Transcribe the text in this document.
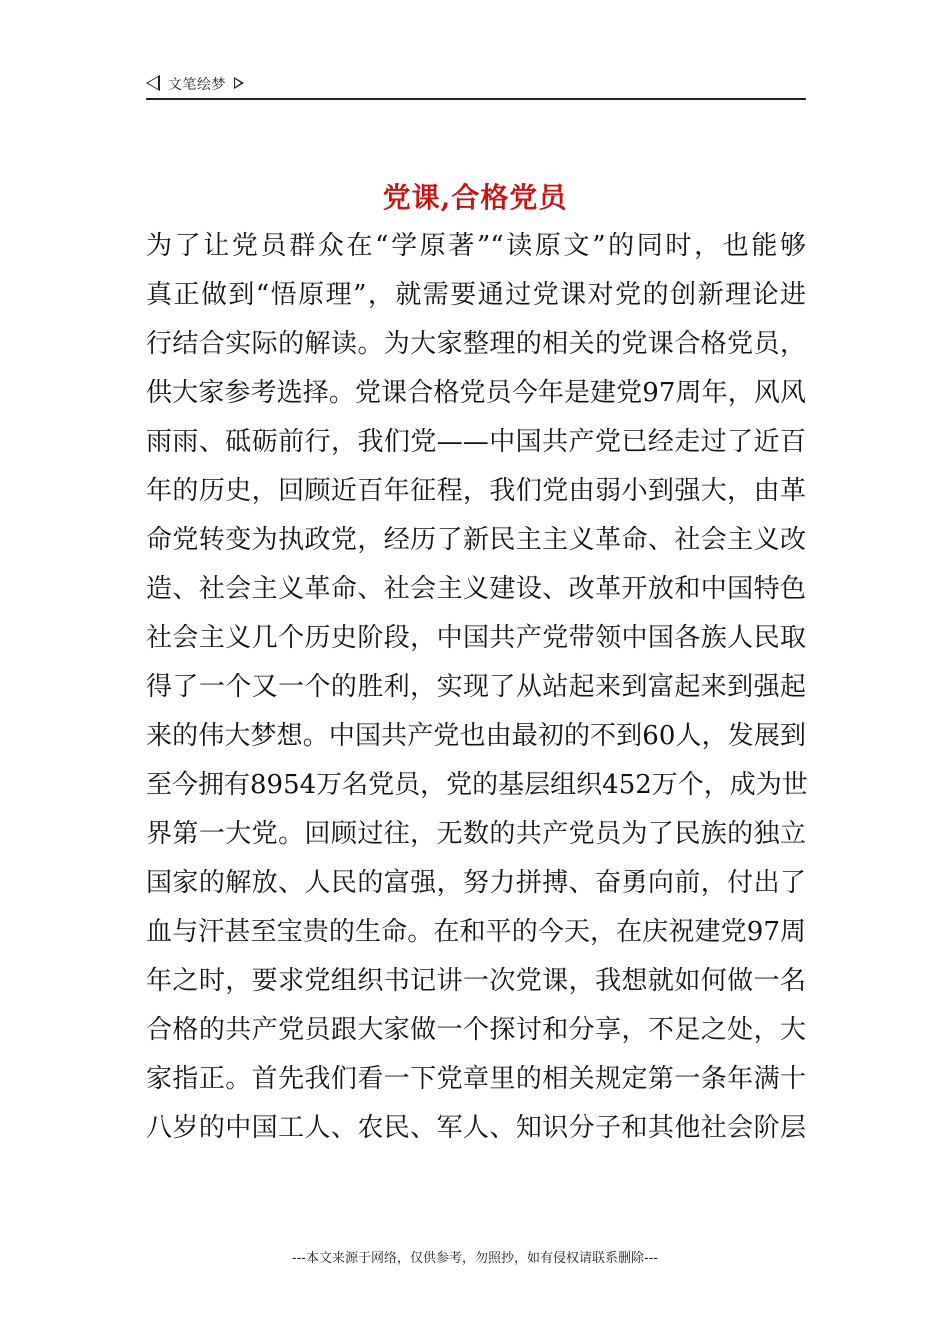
文笔绘梦
党课,合格党员
为了让党员群众在“学原著”“读原文”的同时，也能够
真正做到“悟原理”，就需要通过党课对党的创新理论进
行结合实际的解读。为大家整理的相关的党课合格党员，
供大家参考选择。党课合格党员今年是建党97周年，风风
雨雨、砥砺前行，我们党——中国共产党已经走过了近百
年的历史，回顾近百年征程，我们党由弱小到强大，由革
命党转变为执政党，经历了新民主主义革命、社会主义改
造、社会主义革命、社会主义建设、改革开放和中国特色
社会主义几个历史阶段，中国共产党带领中国各族人民取
得了一个又一个的胜利，实现了从站起来到富起来到强起
来的伟大梦想。中国共产党也由最初的不到60人，发展到
至今拥有8954万名党员，党的基层组织452万个，成为世
界第一大党。回顾过往，无数的共产党员为了民族的独立
国家的解放、人民的富强，努力拼搏、奋勇向前，付出了
血与汗甚至宝贵的生命。在和平的今天，在庆祝建党97周
年之时，要求党组织书记讲一次党课，我想就如何做一名
合格的共产党员跟大家做一个探讨和分享，不足之处，大
家指正。首先我们看一下党章里的相关规定第一条年满十
八岁的中国工人、农民、军人、知识分子和其他社会阶层
---本文来源于网络，仅供参考，勿照抄，如有侵权请联系删除---
